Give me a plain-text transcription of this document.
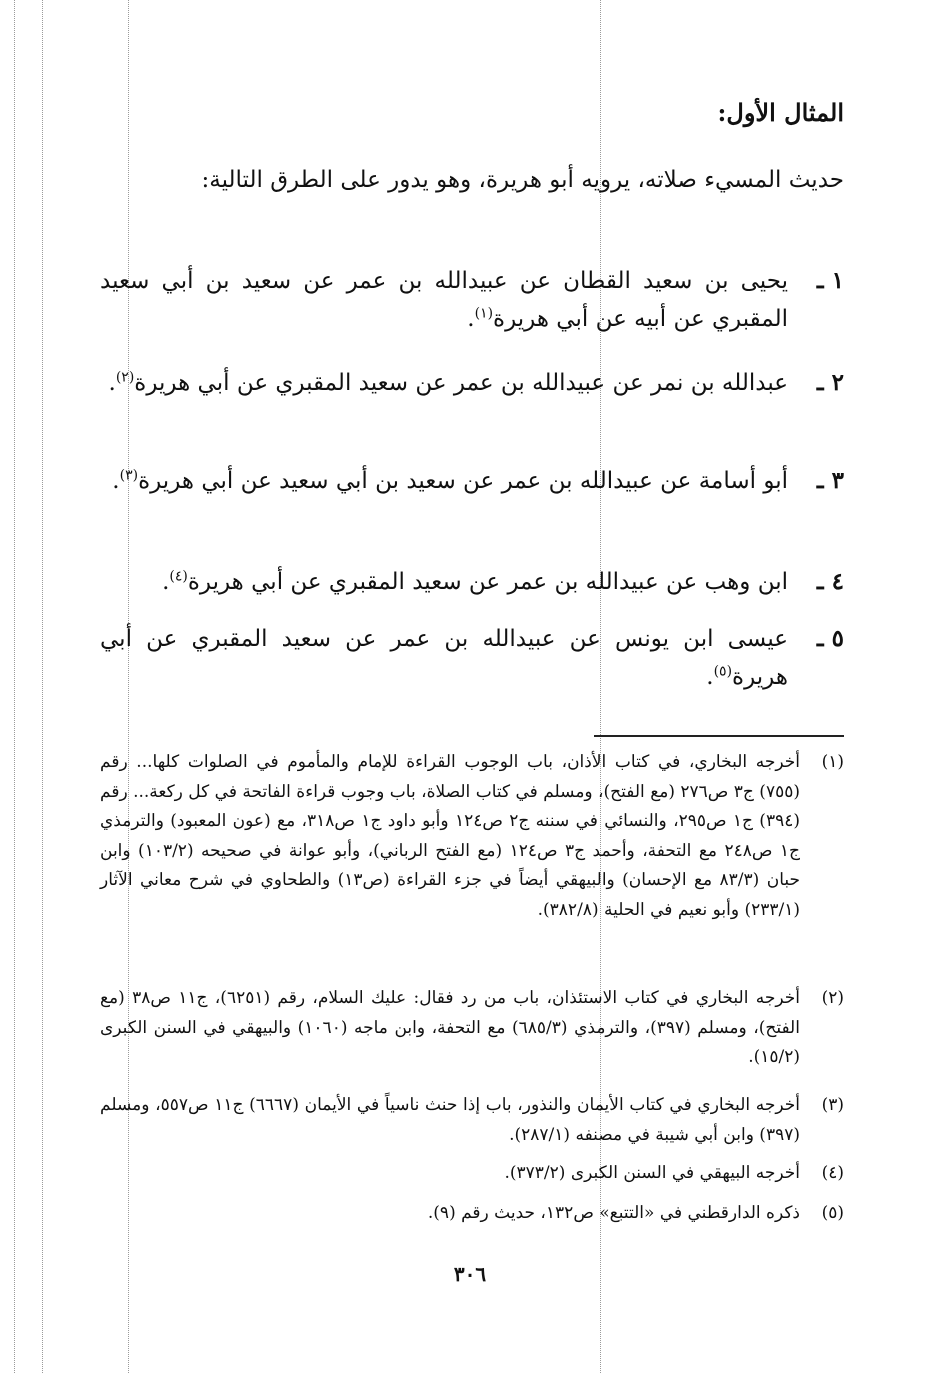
المثال الأول:

حديث المسيء صلاته، يرويه أبو هريرة، وهو يدور على الطرق التالية:

١ ـ
يحيى بن سعيد القطان عن عبيدالله بن عمر عن سعيد بن أبي سعيد المقبري عن أبيه عن أبي هريرة$^{(١)}$.
٢ ـ
عبدالله بن نمر عن عبيدالله بن عمر عن سعيد المقبري عن أبي هريرة$^{(٢)}$.
٣ ـ
أبو أسامة عن عبيدالله بن عمر عن سعيد بن أبي سعيد عن أبي هريرة$^{(٣)}$.
٤ ـ
ابن وهب عن عبيدالله بن عمر عن سعيد المقبري عن أبي هريرة$^{(٤)}$.
٥ ـ
عيسى ابن يونس عن عبيدالله بن عمر عن سعيد المقبري عن أبي هريرة$^{(٥)}$.
(١)
أخرجه البخاري، في كتاب الأذان، باب الوجوب القراءة للإمام والمأموم في الصلوات كلها... رقم (٧٥٥) ج٣ ص٢٧٦ (مع الفتح)، ومسلم في كتاب الصلاة، باب وجوب قراءة الفاتحة في كل ركعة... رقم (٣٩٤) ج١ ص٢٩٥، والنسائي في سننه ج٢ ص١٢٤ وأبو داود ج١ ص٣١٨، مع (عون المعبود) والترمذي ج١ ص٢٤٨ مع التحفة، وأحمد ج٣ ص١٢٤ (مع الفتح الرباني)، وأبو عوانة في صحيحه (١٠٣/٢) وابن حبان (٨٣/٣ مع الإحسان) والبيهقي أيضاً في جزء القراءة (ص١٣) والطحاوي في شرح معاني الآثار (٢٣٣/١) وأبو نعيم في الحلية (٣٨٢/٨).
(٢)
أخرجه البخاري في كتاب الاستئذان، باب من رد فقال: عليك السلام، رقم (٦٢٥١)، ج١١ ص٣٨ (مع الفتح)، ومسلم (٣٩٧)، والترمذي (٦٨٥/٣) مع التحفة، وابن ماجه (١٠٦٠) والبيهقي في السنن الكبرى (١٥/٢).
(٣)
أخرجه البخاري في كتاب الأيمان والنذور، باب إذا حنث ناسياً في الأيمان (٦٦٦٧) ج١١ ص٥٥٧، ومسلم (٣٩٧) وابن أبي شيبة في مصنفه (٢٨٧/١).
(٤)
أخرجه البيهقي في السنن الكبرى (٣٧٣/٢).
(٥)
ذكره الدارقطني في «التتبع» ص١٣٢، حديث رقم (٩).
٣٠٦
